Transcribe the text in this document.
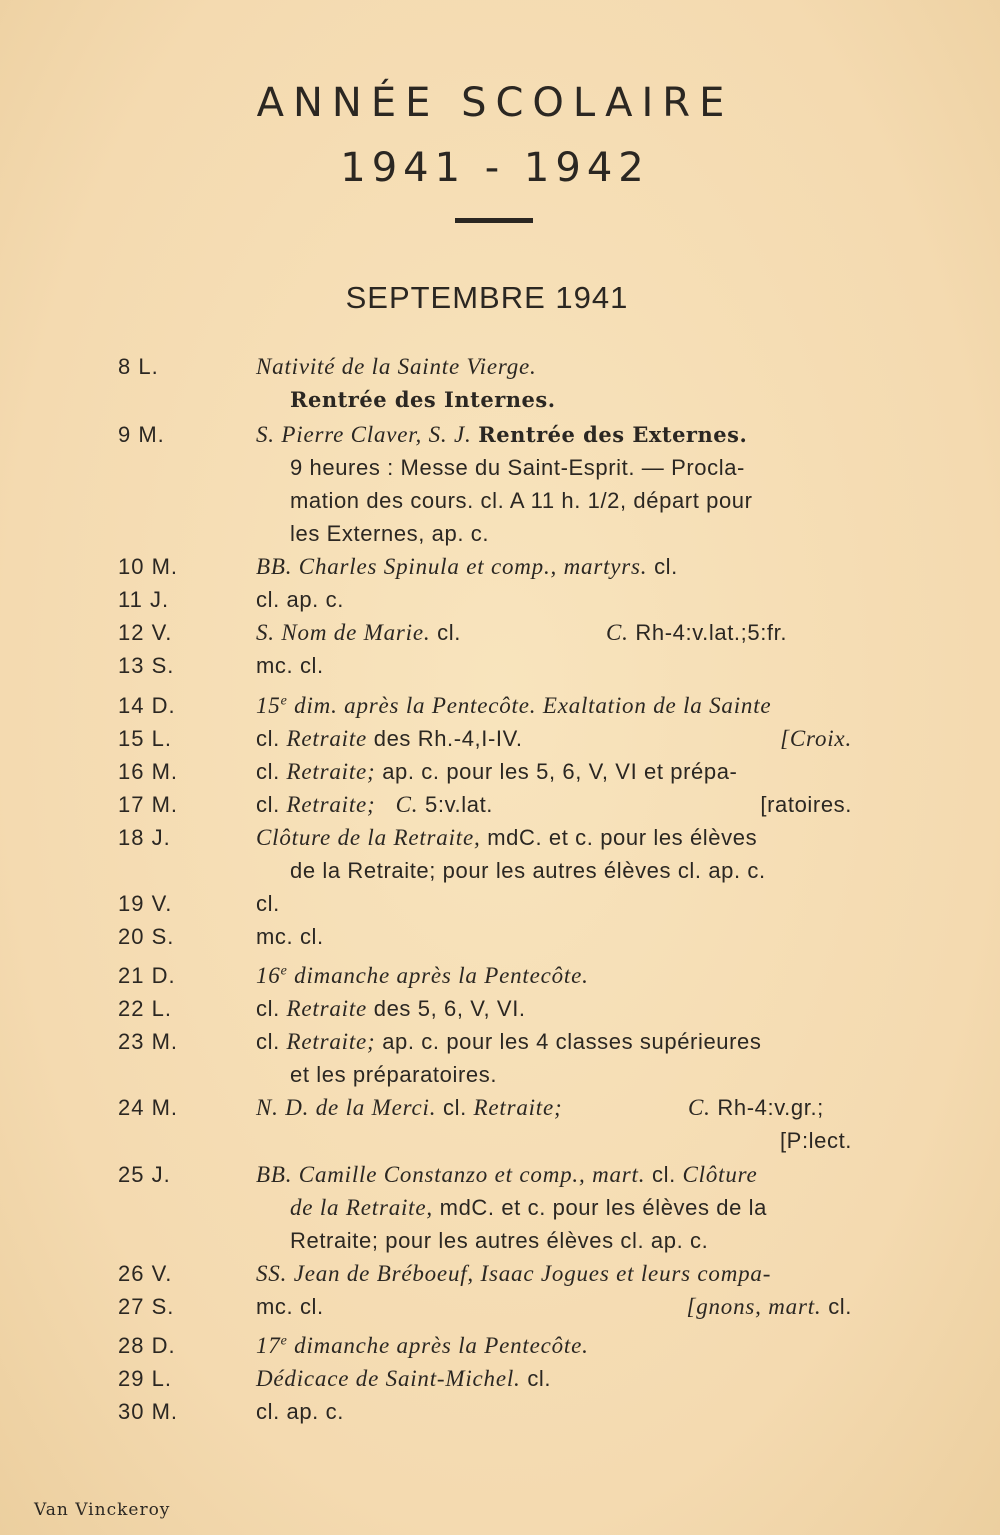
ANNÉE SCOLAIRE
1941 - 1942
SEPTEMBRE 1941
8 L.	Nativité de la Sainte Vierge.
Rentrée des Internes.
9 M.	S. Pierre Claver, S. J. Rentrée des Externes.
9 heures : Messe du Saint-Esprit. — Procla-
mation des cours. cl. A 11 h. 1/2, départ pour
les Externes, ap. c.
10 M.	BB. Charles Spinula et comp., martyrs. cl.
11 J.	cl. ap. c.
12 V.	S. Nom de Marie. cl.	C. Rh-4:v.lat.;5:fr.
13 S.	mc. cl.
14 D.	15e dim. après la Pentecôte. Exaltation de la Sainte
15 L.	cl. Retraite des Rh.-4,I-IV.	[Croix.
16 M.	cl. Retraite; ap. c. pour les 5, 6, V, VI et prépa-
17 M.	cl. Retraite; C. 5:v.lat.	[ratoires.
18 J.	Clôture de la Retraite, mdC. et c. pour les élèves
de la Retraite; pour les autres élèves cl. ap. c.
19 V.	cl.
20 S.	mc. cl.
21 D.	16e dimanche après la Pentecôte.
22 L.	cl. Retraite des 5, 6, V, VI.
23 M.	cl. Retraite; ap. c. pour les 4 classes supérieures
et les préparatoires.
24 M.	N. D. de la Merci. cl. Retraite;	C. Rh-4:v.gr.;
[P:lect.
25 J.	BB. Camille Constanzo et comp., mart. cl. Clôture
de la Retraite, mdC. et c. pour les élèves de la
Retraite; pour les autres élèves cl. ap. c.
26 V.	SS. Jean de Bréboeuf, Isaac Jogues et leurs compa-
27 S.	mc. cl.	[gnons, mart. cl.
28 D.	17e dimanche après la Pentecôte.
29 L.	Dédicace de Saint-Michel. cl.
30 M.	cl. ap. c.
Van Vinckeroy
